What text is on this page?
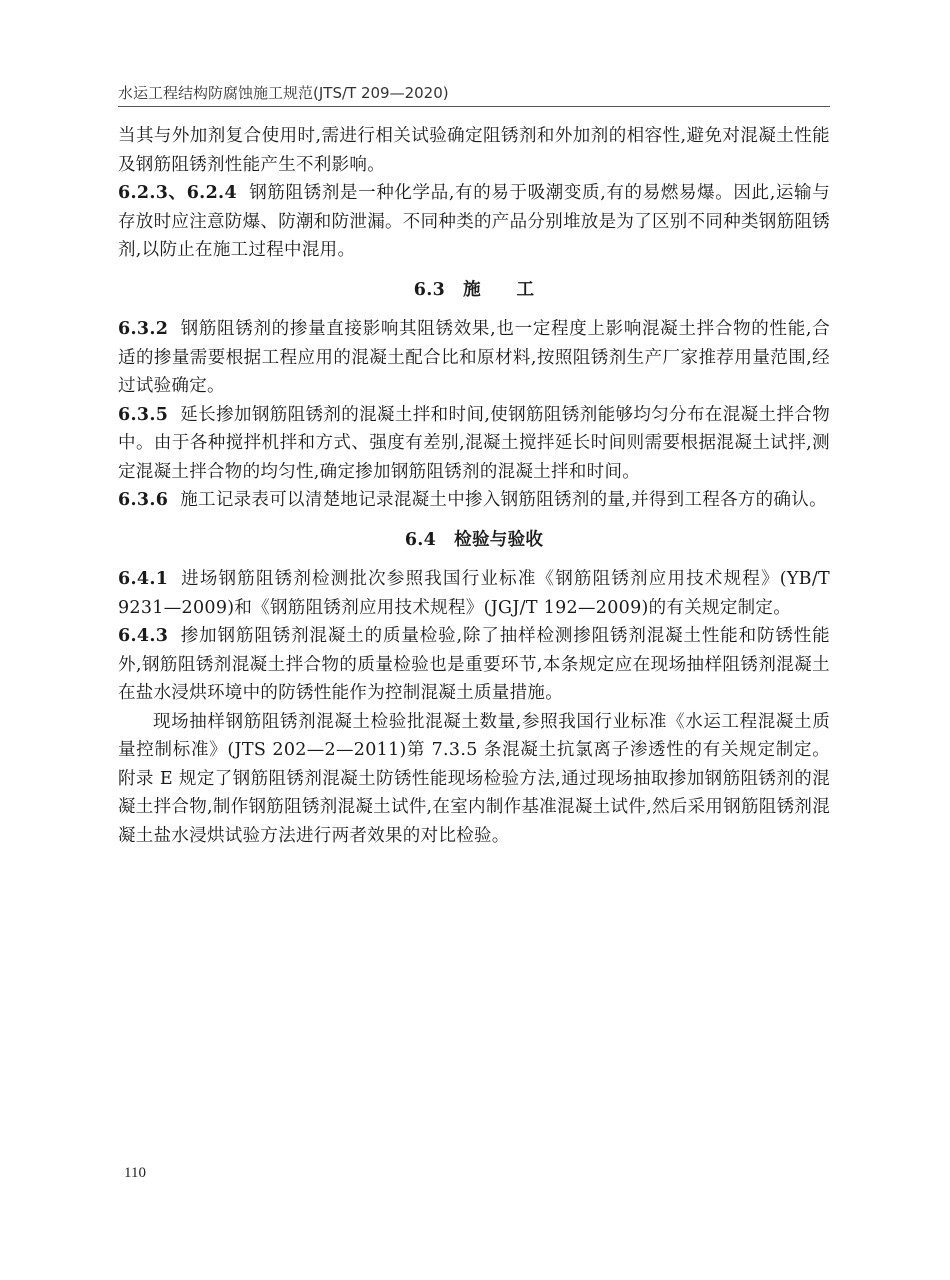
水运工程结构防腐蚀施工规范(JTS/T 209—2020)

当其与外加剂复合使用时,需进行相关试验确定阻锈剂和外加剂的相容性,避免对混凝土性能及钢筋阻锈剂性能产生不利影响。

6.2.3、6.2.4 钢筋阻锈剂是一种化学品,有的易于吸潮变质,有的易燃易爆。因此,运输与存放时应注意防爆、防潮和防泄漏。不同种类的产品分别堆放是为了区别不同种类钢筋阻锈剂,以防止在施工过程中混用。

6.3 施　　工

6.3.2 钢筋阻锈剂的掺量直接影响其阻锈效果,也一定程度上影响混凝土拌合物的性能,合适的掺量需要根据工程应用的混凝土配合比和原材料,按照阻锈剂生产厂家推荐用量范围,经过试验确定。

6.3.5 延长掺加钢筋阻锈剂的混凝土拌和时间,使钢筋阻锈剂能够均匀分布在混凝土拌合物中。由于各种搅拌机拌和方式、强度有差别,混凝土搅拌延长时间则需要根据混凝土试拌,测定混凝土拌合物的均匀性,确定掺加钢筋阻锈剂的混凝土拌和时间。

6.3.6 施工记录表可以清楚地记录混凝土中掺入钢筋阻锈剂的量,并得到工程各方的确认。

6.4 检验与验收

6.4.1 进场钢筋阻锈剂检测批次参照我国行业标准《钢筋阻锈剂应用技术规程》(YB/T 9231—2009)和《钢筋阻锈剂应用技术规程》(JGJ/T 192—2009)的有关规定制定。

6.4.3 掺加钢筋阻锈剂混凝土的质量检验,除了抽样检测掺阻锈剂混凝土性能和防锈性能外,钢筋阻锈剂混凝土拌合物的质量检验也是重要环节,本条规定应在现场抽样阻锈剂混凝土在盐水浸烘环境中的防锈性能作为控制混凝土质量措施。

现场抽样钢筋阻锈剂混凝土检验批混凝土数量,参照我国行业标准《水运工程混凝土质量控制标准》(JTS 202—2—2011)第 7.3.5 条混凝土抗氯离子渗透性的有关规定制定。附录 E 规定了钢筋阻锈剂混凝土防锈性能现场检验方法,通过现场抽取掺加钢筋阻锈剂的混凝土拌合物,制作钢筋阻锈剂混凝土试件,在室内制作基准混凝土试件,然后采用钢筋阻锈剂混凝土盐水浸烘试验方法进行两者效果的对比检验。

110
